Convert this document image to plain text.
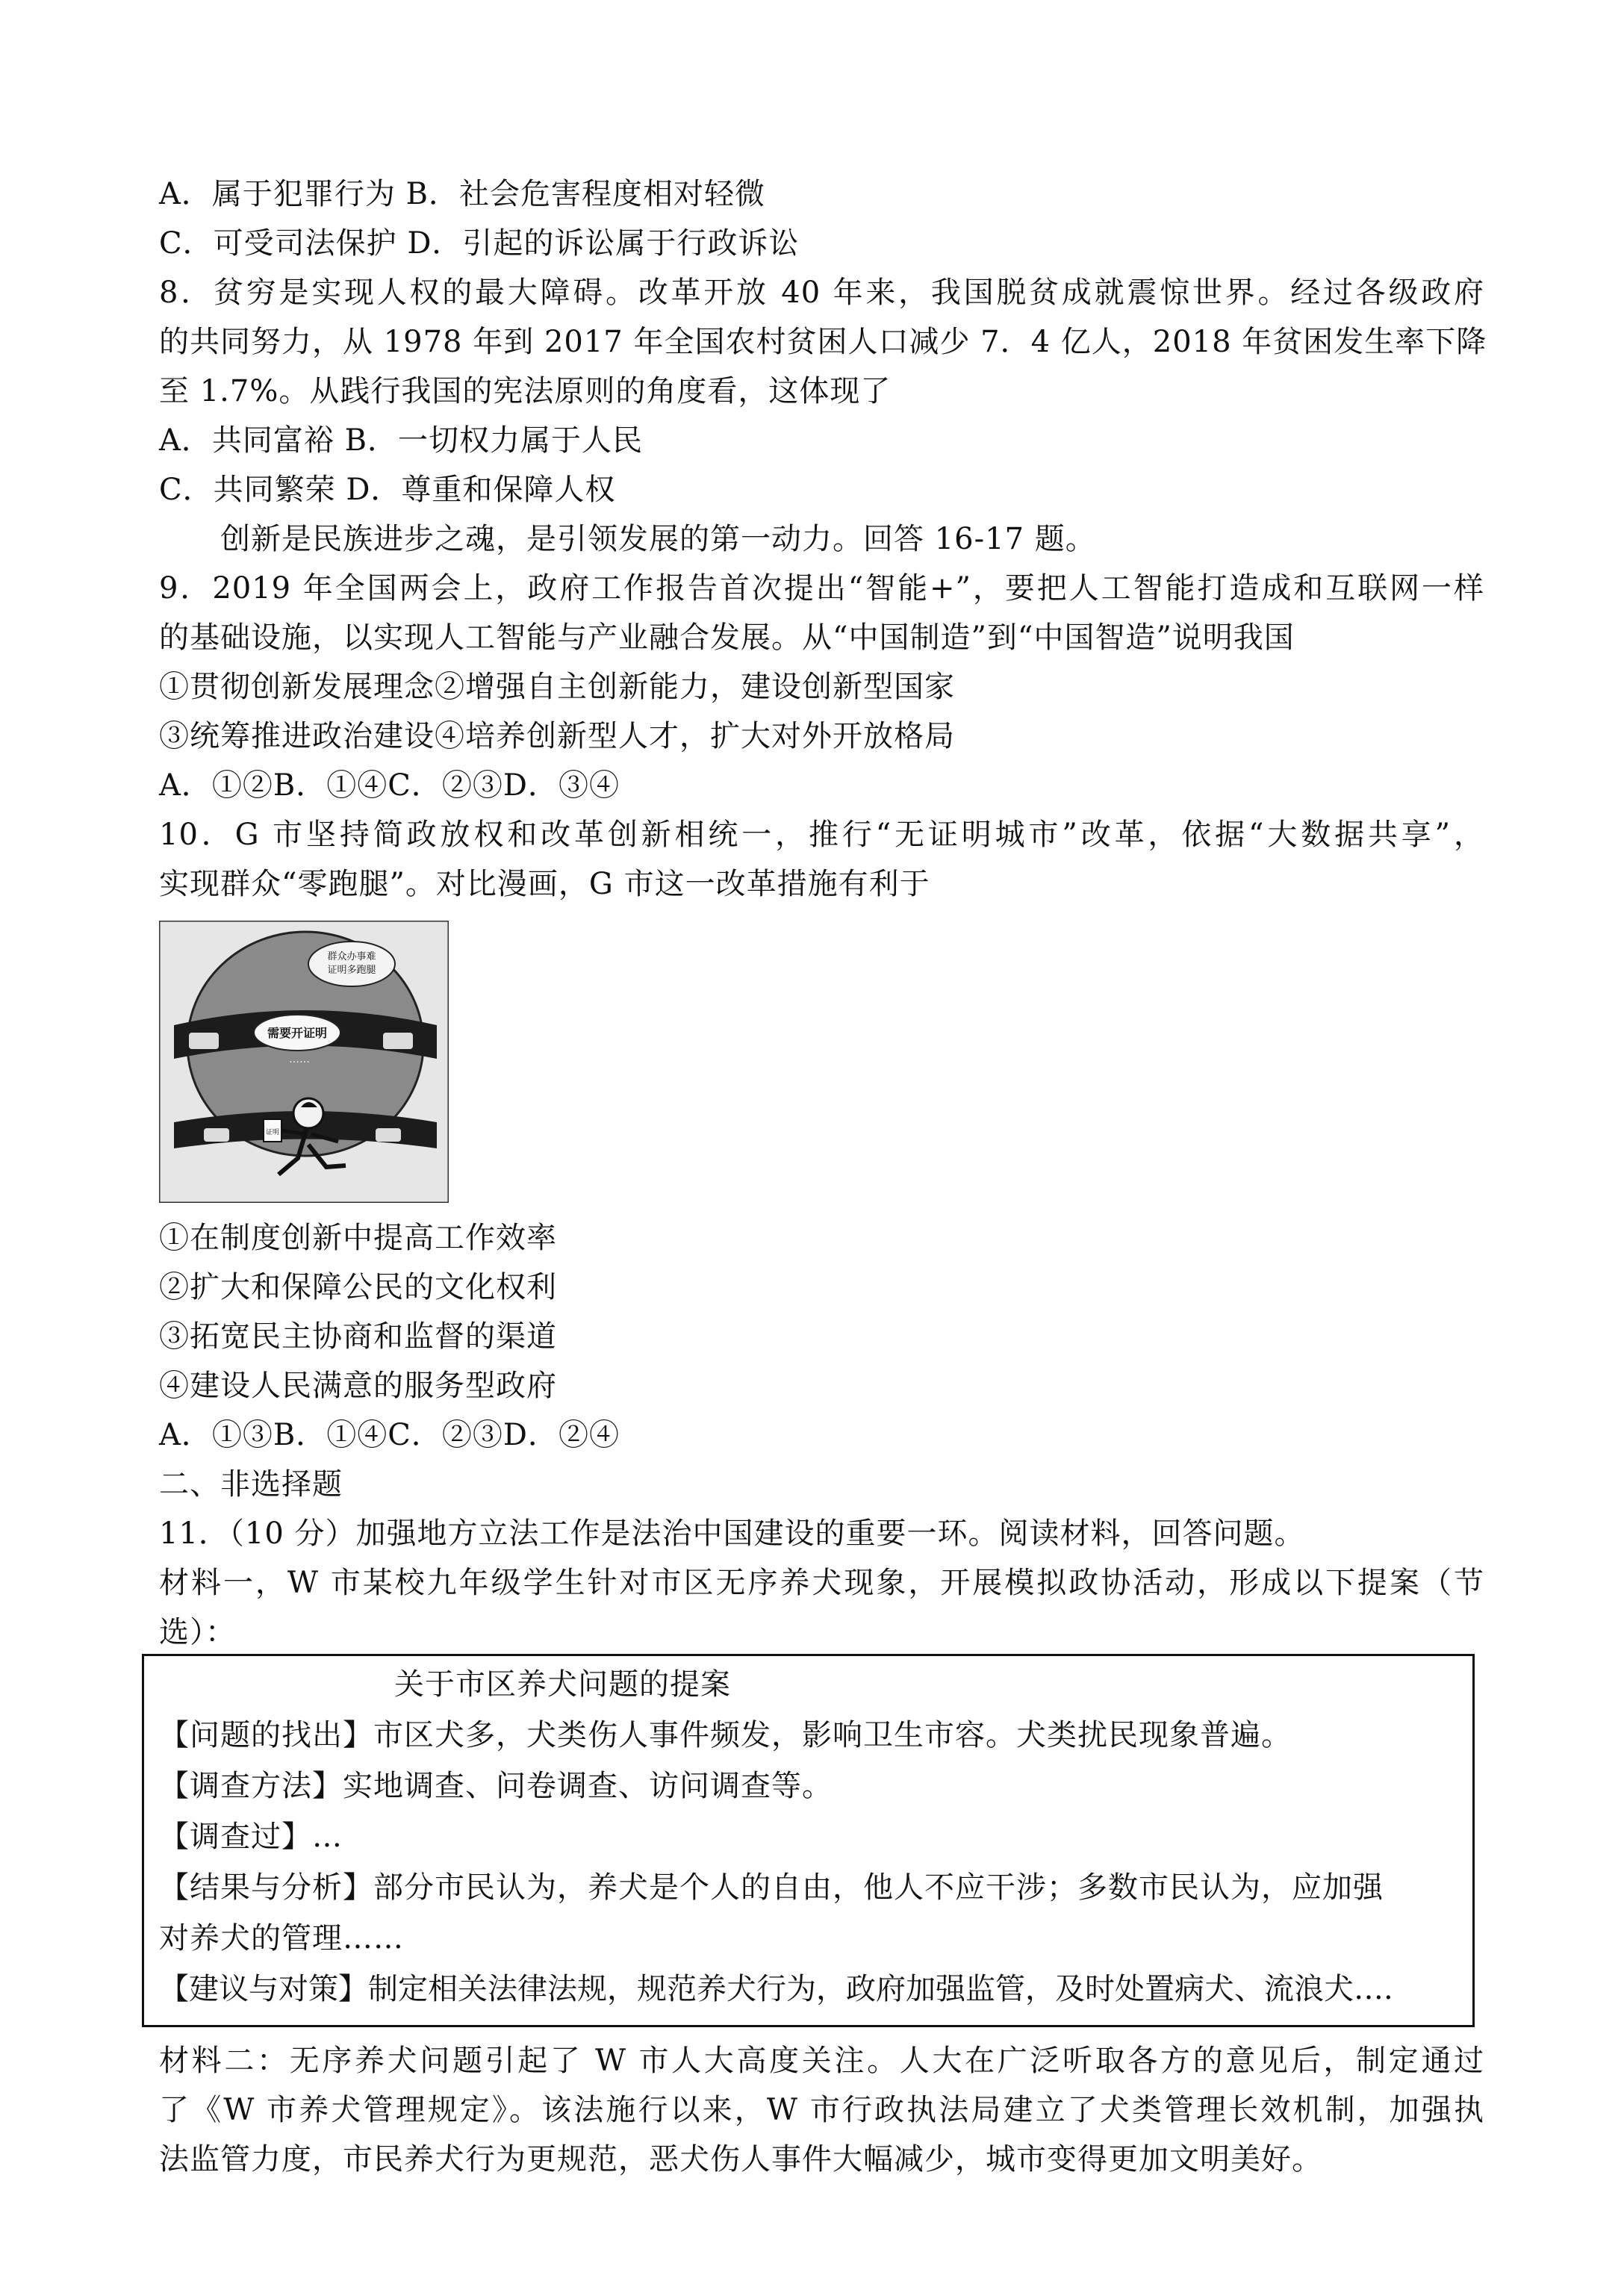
A．属于犯罪行为 B．社会危害程度相对轻微
C．可受司法保护 D．引起的诉讼属于行政诉讼
8．贫穷是实现人权的最大障碍。改革开放 40 年来，我国脱贫成就震惊世界。经过各级政府
的共同努力，从 1978 年到 2017 年全国农村贫困人口减少 7．4 亿人，2018 年贫困发生率下降
至 1.7%。从践行我国的宪法原则的角度看，这体现了
A．共同富裕 B．一切权力属于人民
C．共同繁荣 D．尊重和保障人权
创新是民族进步之魂，是引领发展的第一动力。回答 16-17 题。
9．2019 年全国两会上，政府工作报告首次提出“智能+”，要把人工智能打造成和互联网一样
的基础设施，以实现人工智能与产业融合发展。从“中国制造”到“中国智造”说明我国
①贯彻创新发展理念②增强自主创新能力，建设创新型国家
③统筹推进政治建设④培养创新型人才，扩大对外开放格局
A．①②B．①④C．②③D．③④
10．G 市坚持简政放权和改革创新相统一，推行“无证明城市”改革，依据“大数据共享”，
实现群众“零跑腿”。对比漫画，G 市这一改革措施有利于
群众办事难
证明多跑腿
需要开证明
……
证明
①在制度创新中提高工作效率
②扩大和保障公民的文化权利
③拓宽民主协商和监督的渠道
④建设人民满意的服务型政府
A．①③B．①④C．②③D．②④
二、非选择题
11．（10 分）加强地方立法工作是法治中国建设的重要一环。阅读材料，回答问题。
材料一，W 市某校九年级学生针对市区无序养犬现象，开展模拟政协活动，形成以下提案（节
选）：
关于市区养犬问题的提案
【问题的找出】市区犬多，犬类伤人事件频发，影响卫生市容。犬类扰民现象普遍。
【调查方法】实地调查、问卷调查、访问调查等。
【调查过】…
【结果与分析】部分市民认为，养犬是个人的自由，他人不应干涉；多数市民认为，应加强
对养犬的管理……
【建议与对策】制定相关法律法规，规范养犬行为，政府加强监管，及时处置病犬、流浪犬….
材料二：无序养犬问题引起了 W 市人大高度关注。人大在广泛听取各方的意见后，制定通过
了《W 市养犬管理规定》。该法施行以来，W 市行政执法局建立了犬类管理长效机制，加强执
法监管力度，市民养犬行为更规范，恶犬伤人事件大幅减少，城市变得更加文明美好。
